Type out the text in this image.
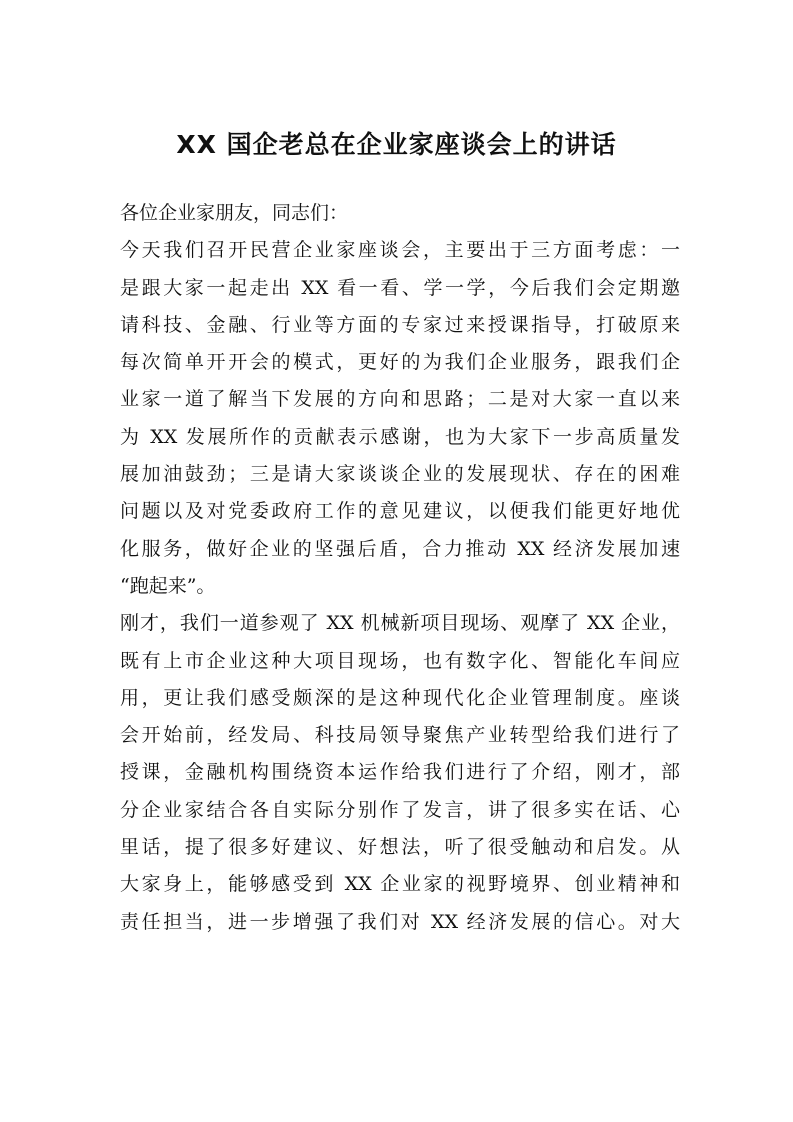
XX 国企老总在企业家座谈会上的讲话
各位企业家朋友，同志们：
今天我们召开民营企业家座谈会，主要出于三方面考虑：一
是跟大家一起走出 XX 看一看、学一学，今后我们会定期邀
请科技、金融、行业等方面的专家过来授课指导，打破原来
每次简单开开会的模式，更好的为我们企业服务，跟我们企
业家一道了解当下发展的方向和思路；二是对大家一直以来
为 XX 发展所作的贡献表示感谢，也为大家下一步高质量发
展加油鼓劲；三是请大家谈谈企业的发展现状、存在的困难
问题以及对党委政府工作的意见建议，以便我们能更好地优
化服务，做好企业的坚强后盾，合力推动 XX 经济发展加速
“跑起来”。
刚才，我们一道参观了 XX 机械新项目现场、观摩了 XX 企业，
既有上市企业这种大项目现场，也有数字化、智能化车间应
用，更让我们感受颇深的是这种现代化企业管理制度。座谈
会开始前，经发局、科技局领导聚焦产业转型给我们进行了
授课，金融机构围绕资本运作给我们进行了介绍，刚才，部
分企业家结合各自实际分别作了发言，讲了很多实在话、心
里话，提了很多好建议、好想法，听了很受触动和启发。从
大家身上，能够感受到 XX 企业家的视野境界、创业精神和
责任担当，进一步增强了我们对 XX 经济发展的信心。对大
